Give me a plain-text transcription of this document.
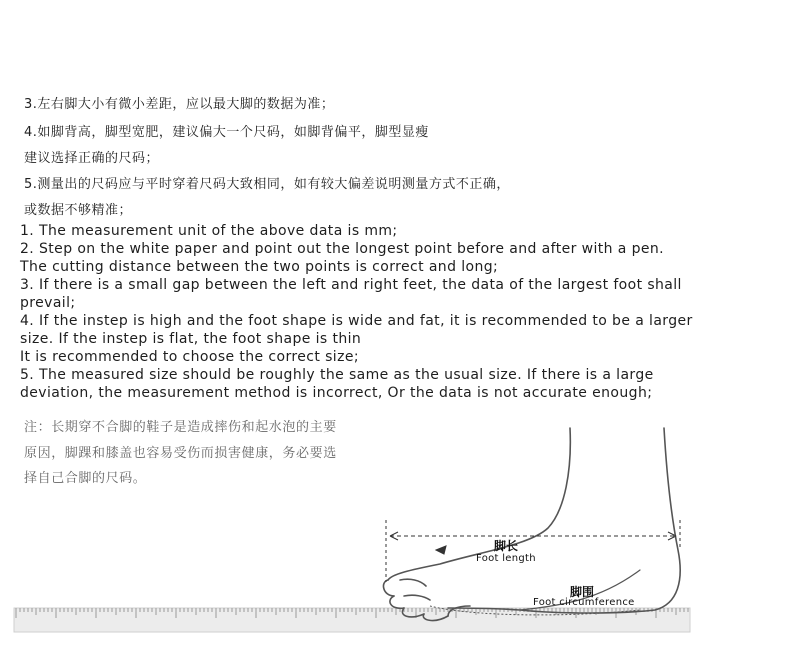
3.左右脚大小有微小差距，应以最大脚的数据为准；
4.如脚背高，脚型宽肥，建议偏大一个尺码，如脚背偏平，脚型显瘦
建议选择正确的尺码；
5.测量出的尺码应与平时穿着尺码大致相同，如有较大偏差说明测量方式不正确，
或数据不够精准；
1. The measurement unit of the above data is mm;
2. Step on the white paper and point out the longest point before and after with a pen.
The cutting distance between the two points is correct and long;
3. If there is a small gap between the left and right feet, the data of the largest foot shall
prevail;
4. If the instep is high and the foot shape is wide and fat, it is recommended to be a larger
size. If the instep is flat, the foot shape is thin
It is recommended to choose the correct size;
5. The measured size should be roughly the same as the usual size. If there is a large
deviation, the measurement method is incorrect, Or the data is not accurate enough;
注：长期穿不合脚的鞋子是造成摔伤和起水泡的主要
原因，脚踝和膝盖也容易受伤而损害健康，务必要选
择自己合脚的尺码。
脚长
Foot length
脚围
Foot circumference
